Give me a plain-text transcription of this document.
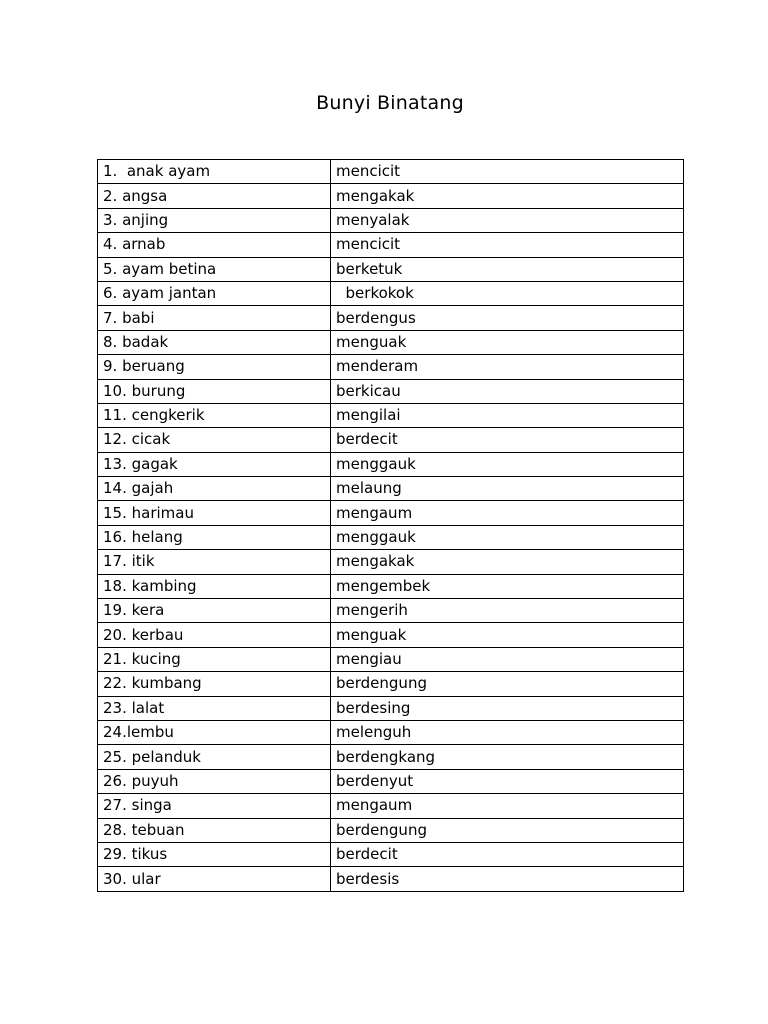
Bunyi Binatang
1.  anak ayam	mencicit
2. angsa	mengakak
3. anjing	menyalak
4. arnab	mencicit
5. ayam betina	berketuk
6. ayam jantan	berkokok
7. babi	berdengus
8. badak	menguak
9. beruang	menderam
10. burung	berkicau
11. cengkerik	mengilai
12. cicak	berdecit
13. gagak	menggauk
14. gajah	melaung
15. harimau	mengaum
16. helang	menggauk
17. itik	mengakak
18. kambing	mengembek
19. kera	mengerih
20. kerbau	menguak
21. kucing	mengiau
22. kumbang	berdengung
23. lalat	berdesing
24.lembu	melenguh
25. pelanduk	berdengkang
26. puyuh	berdenyut
27. singa	mengaum
28. tebuan	berdengung
29. tikus	berdecit
30. ular	berdesis
